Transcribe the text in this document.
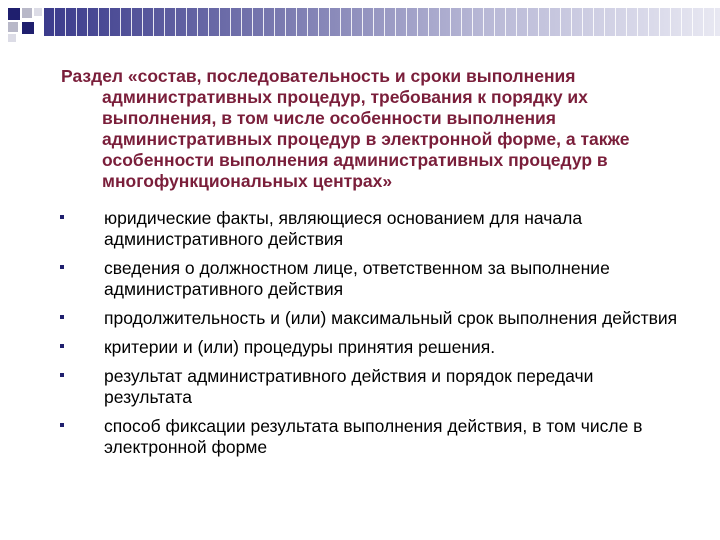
Раздел «состав, последовательность и сроки выполнения административных процедур, требования к порядку их выполнения, в том числе особенности выполнения административных процедур в электронной форме, а также особенности выполнения административных процедур в многофункциональных центрах»

юридические факты, являющиеся основанием для начала административного действия
сведения о должностном лице, ответственном за выполнение административного действия
продолжительность и (или) максимальный срок выполнения действия
критерии и (или) процедуры принятия решения.
результат административного действия и порядок передачи результата
способ фиксации результата выполнения действия, в том числе в электронной форме
